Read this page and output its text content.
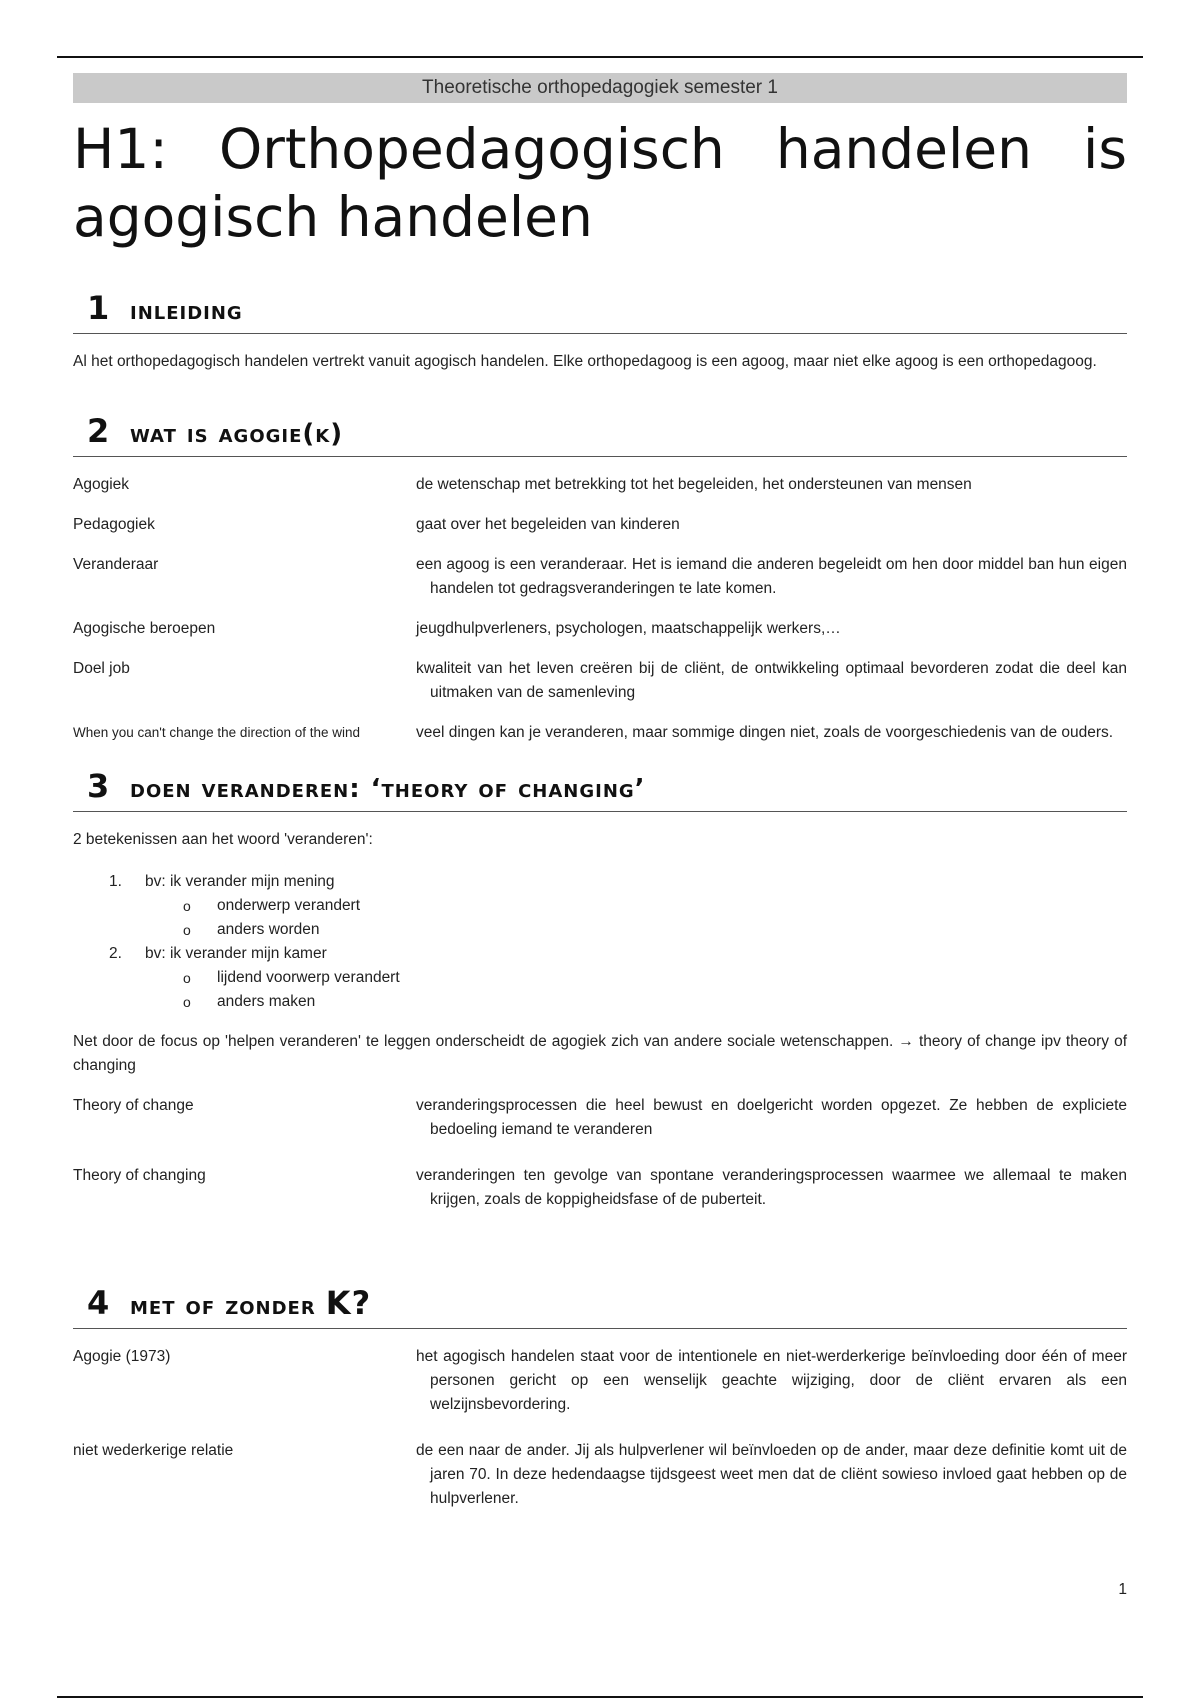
Theoretische orthopedagogiek semester 1
H1: Orthopedagogisch handelen is
agogisch handelen
1 inleiding
Al het orthopedagogisch handelen vertrekt vanuit agogisch handelen. Elke orthopedagoog is een agoog, maar niet elke agoog is een orthopedagoog.
2 wat is agogie(k)
Agogiek	de wetenschap met betrekking tot het begeleiden, het ondersteunen van mensen
Pedagogiek	gaat over het begeleiden van kinderen
Veranderaar	een agoog is een veranderaar. Het is iemand die anderen begeleidt om hen door middel ban hun eigen handelen tot gedragsveranderingen te late komen.
Agogische beroepen	jeugdhulpverleners, psychologen, maatschappelijk werkers,…
Doel job	kwaliteit van het leven creëren bij de cliënt, de ontwikkeling optimaal bevorderen zodat die deel kan uitmaken van de samenleving
When you can't change the direction of the wind	veel dingen kan je veranderen, maar sommige dingen niet, zoals de voorgeschiedenis van de ouders.
3 doen veranderen: ‘theory of changing’
2 betekenissen aan het woord 'veranderen':
1. bv: ik verander mijn mening
o onderwerp verandert
o anders worden
2. bv: ik verander mijn kamer
o lijdend voorwerp verandert
o anders maken
Net door de focus op 'helpen veranderen' te leggen onderscheidt de agogiek zich van andere sociale wetenschappen. → theory of change ipv theory of changing
Theory of change	veranderingsprocessen die heel bewust en doelgericht worden opgezet. Ze hebben de expliciete bedoeling iemand te veranderen
Theory of changing	veranderingen ten gevolge van spontane veranderingsprocessen waarmee we allemaal te maken krijgen, zoals de koppigheidsfase of de puberteit.
4 met of zonder K?
Agogie (1973)	het agogisch handelen staat voor de intentionele en niet-werderkerige beïnvloeding door één of meer personen gericht op een wenselijk geachte wijziging, door de cliënt ervaren als een welzijnsbevordering.
niet wederkerige relatie	de een naar de ander. Jij als hulpverlener wil beïnvloeden op de ander, maar deze definitie komt uit de jaren 70. In deze hedendaagse tijdsgeest weet men dat de cliënt sowieso invloed gaat hebben op de hulpverlener.
1
